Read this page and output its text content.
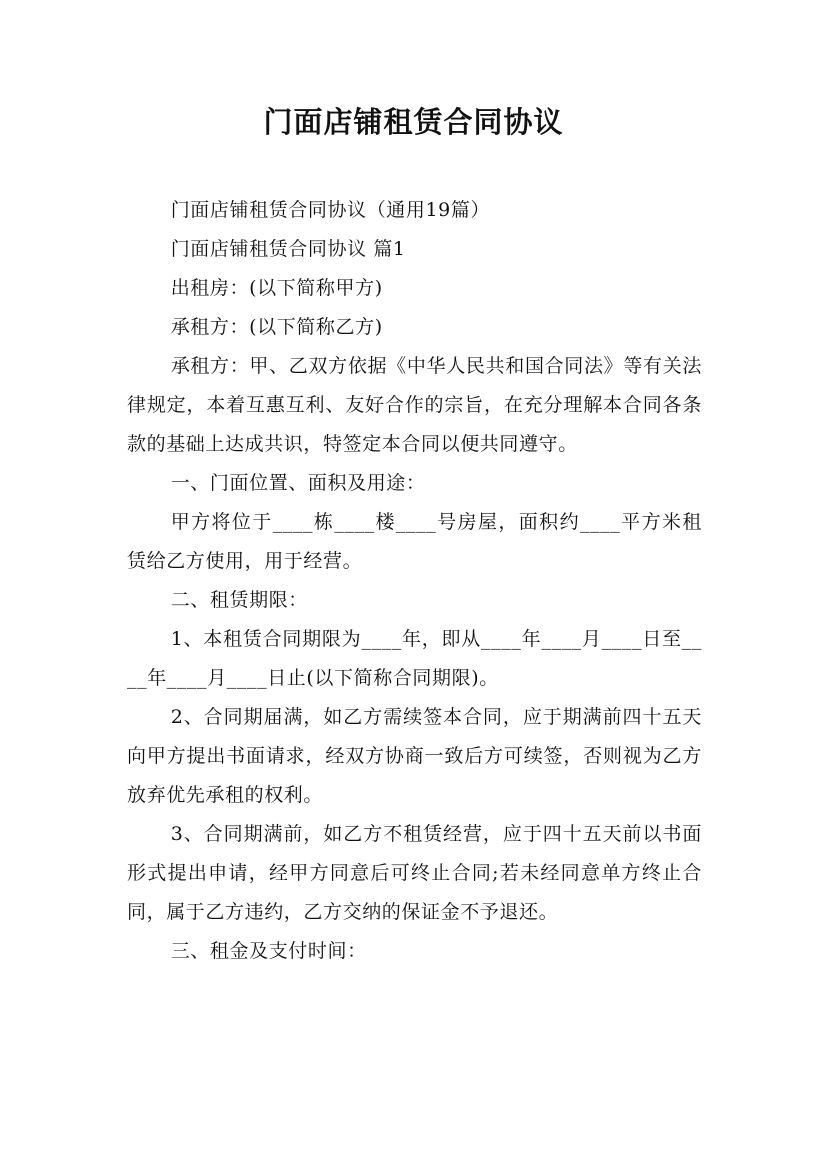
门面店铺租赁合同协议

门面店铺租赁合同协议（通用19篇）

门面店铺租赁合同协议 篇1

出租房：(以下简称甲方)

承租方：(以下简称乙方)

承租方：甲、乙双方依据《中华人民共和国合同法》等有关法律规定，本着互惠互利、友好合作的宗旨，在充分理解本合同各条款的基础上达成共识，特签定本合同以便共同遵守。

一、门面位置、面积及用途：

甲方将位于____栋____楼____号房屋，面积约____平方米租赁给乙方使用，用于经营。

二、租赁期限：

1、本租赁合同期限为____年，即从____年____月____日至____年____月____日止(以下简称合同期限)。

2、合同期届满，如乙方需续签本合同，应于期满前四十五天向甲方提出书面请求，经双方协商一致后方可续签，否则视为乙方放弃优先承租的权利。

3、合同期满前，如乙方不租赁经营，应于四十五天前以书面形式提出申请，经甲方同意后可终止合同;若未经同意单方终止合同，属于乙方违约，乙方交纳的保证金不予退还。

三、租金及支付时间：
